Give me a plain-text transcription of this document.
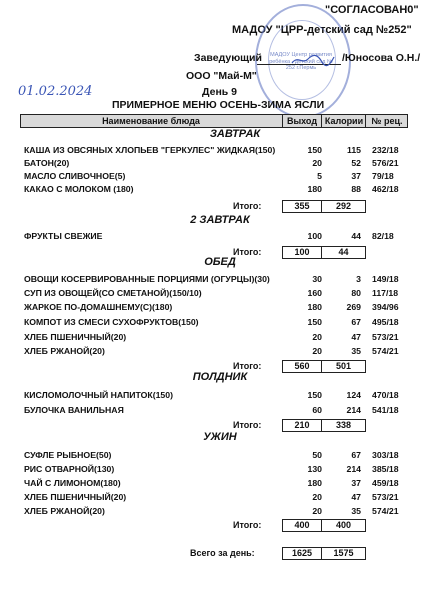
"СОГЛАСОВАН0"
МАДОУ "ЦРР-детский сад №252"
МАДОУ Центр развития ребёнка - детский сад № 252 г.Пермь
Заведующий	/Юносова О.Н./
ООО "Май-М"
01.02.2024	День 9
ПРИМЕРНОЕ МЕНЮ ОСЕНЬ-ЗИМА ЯСЛИ
Наименование блюда	Выход Калории № рец.
ЗАВТРАК
КАША ИЗ ОВСЯНЫХ ХЛОПЬЕВ "ГЕРКУЛЕС" ЖИДКАЯ(150)	150	115 232/18
БАТОН(20)	20	52 576/21
МАСЛО СЛИВОЧНОЕ(5)	5	37 79/18
КАКАО С МОЛОКОМ (180)	180	88 462/18
Итого:	355	292
2 ЗАВТРАК
ФРУКТЫ СВЕЖИЕ	100	44 82/18
Итого:	100	44
ОБЕД
ОВОЩИ КОСЕРВИРОВАННЫЕ ПОРЦИЯМИ (ОГУРЦЫ)(30)	30	3 149/18
СУП ИЗ ОВОЩЕЙ(СО СМЕТАНОЙ)(150/10)	160	80 117/18
ЖАРКОЕ ПО-ДОМАШНЕМУ(С)(180)	180	269 394/96
КОМПОТ ИЗ СМЕСИ СУХОФРУКТОВ(150)	150	67 495/18
ХЛЕБ ПШЕНИЧНЫЙ(20)	20	47 573/21
ХЛЕБ РЖАНОЙ(20)	20	35 574/21
Итого:	560	501
ПОЛДНИК
КИСЛОМОЛОЧНЫЙ НАПИТОК(150)	150	124 470/18
БУЛОЧКА ВАНИЛЬНАЯ	60	214 541/18
Итого:	210	338
УЖИН
СУФЛЕ РЫБНОЕ(50)	50	67 303/18
РИС ОТВАРНОЙ(130)	130	214 385/18
ЧАЙ С ЛИМОНОМ(180)	180	37 459/18
ХЛЕБ ПШЕНИЧНЫЙ(20)	20	47 573/21
ХЛЕБ РЖАНОЙ(20)	20	35 574/21
Итого:	400	400
Всего за день:	1625	1575
